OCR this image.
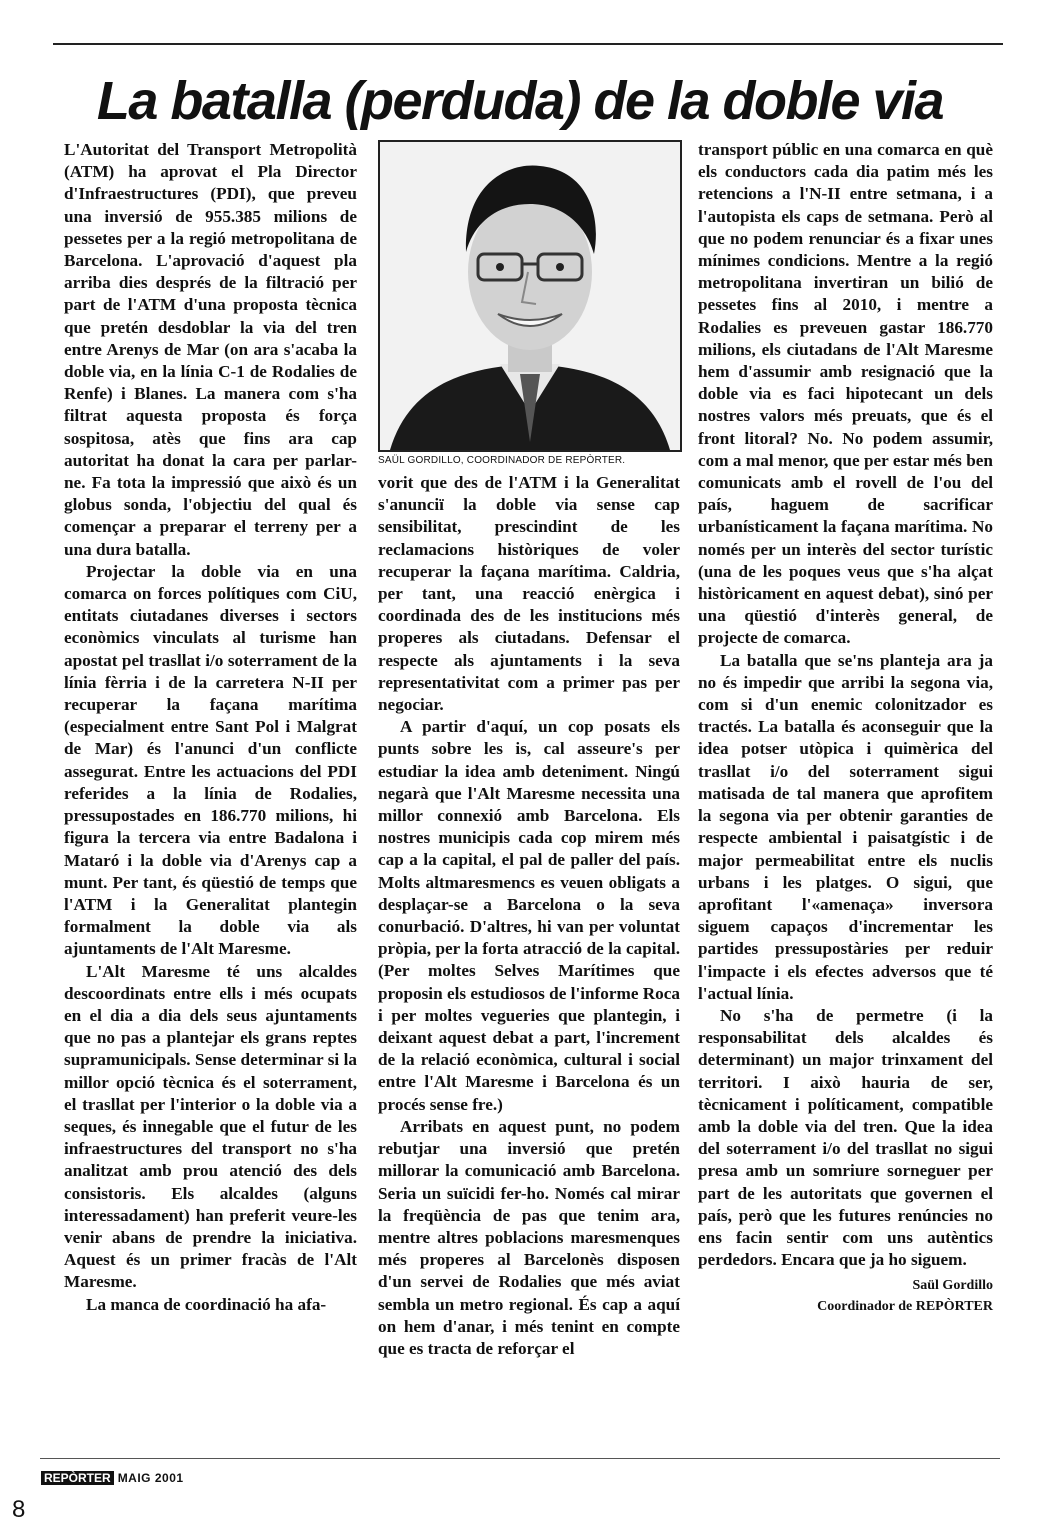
La batalla (perduda) de la doble via

L'Autoritat del Transport Metropolità (ATM) ha aprovat el Pla Director d'Infraestructures (PDI), que preveu una inversió de 955.385 milions de pessetes per a la regió metropolitana de Barcelona. L'aprovació d'aquest pla arriba dies després de la filtració per part de l'ATM d'una proposta tècnica que pretén desdoblar la via del tren entre Arenys de Mar (on ara s'acaba la doble via, en la línia C-1 de Rodalies de Renfe) i Blanes. La manera com s'ha filtrat aquesta proposta és força sospitosa, atès que fins ara cap autoritat ha donat la cara per parlar-ne. Fa tota la impressió que això és un globus sonda, l'objectiu del qual és començar a preparar el terreny per a una dura batalla.

Projectar la doble via en una comarca on forces polítiques com CiU, entitats ciutadanes diverses i sectors econòmics vinculats al turisme han apostat pel trasllat i/o soterrament de la línia fèrria i de la carretera N-II per recuperar la façana marítima (especialment entre Sant Pol i Malgrat de Mar) és l'anunci d'un conflicte assegurat. Entre les actuacions del PDI referides a la línia de Rodalies, pressupostades en 186.770 milions, hi figura la tercera via entre Badalona i Mataró i la doble via d'Arenys cap a munt. Per tant, és qüestió de temps que l'ATM i la Generalitat plantegin formalment la doble via als ajuntaments de l'Alt Maresme.

L'Alt Maresme té uns alcaldes descoordinats entre ells i més ocupats en el dia a dia dels seus ajuntaments que no pas a plantejar els grans reptes supramunicipals. Sense determinar si la millor opció tècnica és el soterrament, el trasllat per l'interior o la doble via a seques, és innegable que el futur de les infraestructures del transport no s'ha analitzat amb prou atenció des dels consistoris. Els alcaldes (alguns interessadament) han preferit veure-les venir abans de prendre la iniciativa. Aquest és un primer fracàs de l'Alt Maresme.

La manca de coordinació ha afa-

SAÜL GORDILLO, COORDINADOR DE REPÒRTER.

vorit que des de l'ATM i la Generalitat s'anunciï la doble via sense cap sensibilitat, prescindint de les reclamacions històriques de voler recuperar la façana marítima. Caldria, per tant, una reacció enèrgica i coordinada des de les institucions més properes als ciutadans. Defensar el respecte als ajuntaments i la seva representativitat com a primer pas per negociar.

A partir d'aquí, un cop posats els punts sobre les is, cal asseure's per estudiar la idea amb deteniment. Ningú negarà que l'Alt Maresme necessita una millor connexió amb Barcelona. Els nostres municipis cada cop mirem més cap a la capital, el pal de paller del país. Molts altmaresmencs es veuen obligats a desplaçar-se a Barcelona o la seva conurbació. D'altres, hi van per voluntat pròpia, per la forta atracció de la capital. (Per moltes Selves Marítimes que proposin els estudiosos de l'informe Roca i per moltes vegueries que plantegin, i deixant aquest debat a part, l'increment de la relació econòmica, cultural i social entre l'Alt Maresme i Barcelona és un procés sense fre.)

Arribats en aquest punt, no podem rebutjar una inversió que pretén millorar la comunicació amb Barcelona. Seria un suïcidi fer-ho. Només cal mirar la freqüència de pas que tenim ara, mentre altres poblacions maresmenques més properes al Barcelonès disposen d'un servei de Rodalies que més aviat sembla un metro regional. És cap a aquí on hem d'anar, i més tenint en compte que es tracta de reforçar el

transport públic en una comarca en què els conductors cada dia patim més les retencions a l'N-II entre setmana, i a l'autopista els caps de setmana. Però al que no podem renunciar és a fixar unes mínimes condicions. Mentre a la regió metropolitana invertiran un bilió de pessetes fins al 2010, i mentre a Rodalies es preveuen gastar 186.770 milions, els ciutadans de l'Alt Maresme hem d'assumir amb resignació que la doble via es faci hipotecant un dels nostres valors més preuats, que és el front litoral? No. No podem assumir, com a mal menor, que per estar més ben comunicats amb el rovell de l'ou del país, haguem de sacrificar urbanísticament la façana marítima. No només per un interès del sector turístic (una de les poques veus que s'ha alçat històricament en aquest debat), sinó per una qüestió d'interès general, de projecte de comarca.

La batalla que se'ns planteja ara ja no és impedir que arribi la segona via, com si d'un enemic colonitzador es tractés. La batalla és aconseguir que la idea potser utòpica i quimèrica del trasllat i/o del soterrament sigui matisada de tal manera que aprofitem la segona via per obtenir garanties de respecte ambiental i paisatgístic i de major permeabilitat entre els nuclis urbans i les platges. O sigui, que aprofitant l'«amenaça» inversora siguem capaços d'incrementar les partides pressupostàries per reduir l'impacte i els efectes adversos que té l'actual línia.

No s'ha de permetre (i la responsabilitat dels alcaldes és determinant) un major trinxament del territori. I això hauria de ser, tècnicament i políticament, compatible amb la doble via del tren. Que la idea del soterrament i/o del trasllat no sigui presa amb un somriure sorneguer per part de les autoritats que governen el país, però que les futures renúncies no ens facin sentir com uns autèntics perdedors. Encara que ja ho siguem.

Saül Gordillo
Coordinador de REPÒRTER
REPÒRTER MAIG 2001
8
